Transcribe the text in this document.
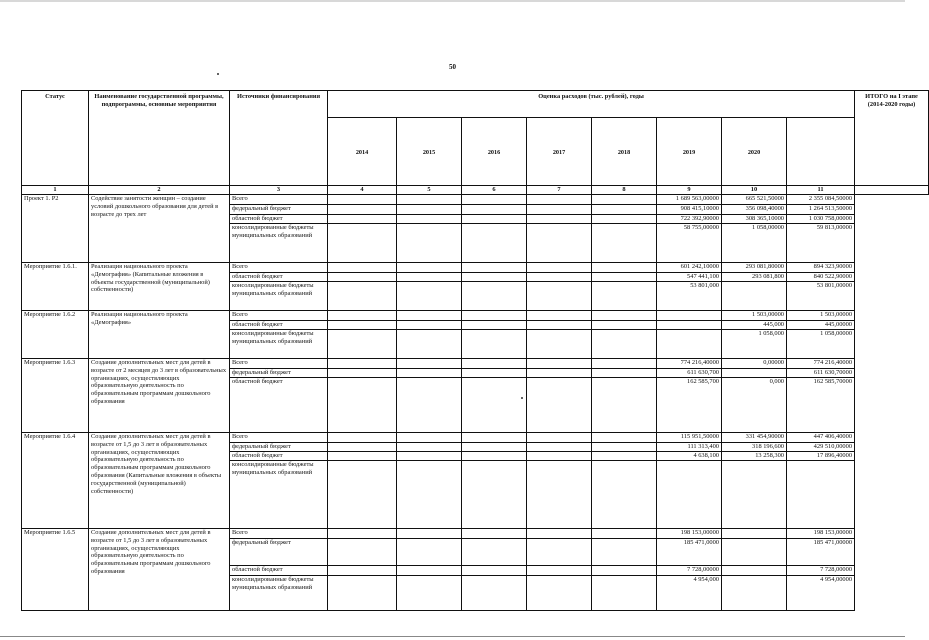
50
Статус	Наименование государственной программы, подпрограммы, основные мероприятия	Источники финансирования	Оценка расходов (тыс. рублей), годы								ИТОГО на I этапе (2014-2020 годы)
			2014	2015	2016	2017	2018	2019	2020		
1	2	3	4	5	6	7	8	9	10	11	
Проект 1. Р2	Содействие занятости женщин – создание условий дошкольного образования для детей в возрасте до трех лет	Всего						1 689 563,00000	665 521,50000	2 355 084,50000	
		федеральный бюджет						908 415,10000	356 098,40000	1 264 513,50000	
		областной бюджет						722 392,90000	308 365,10000	1 030 758,00000	
		консолидированные бюджеты муниципальных образований						58 755,00000	1 058,00000	59 813,00000	
Мероприятие 1.6.1.	Реализация национального проекта «Демография» (Капитальные вложения в объекты государственной (муниципальной) собственности)	Всего						601 242,10000	293 081,80000	894 323,90000	
		областной бюджет						547 441,100	293 081,800	840 522,90000	
		консолидированные бюджеты муниципальных образований						53 801,000		53 801,00000	
Мероприятие 1.6.2	Реализация национального проекта «Демография»	Всего							1 503,00000	1 503,00000	
		областной бюджет							445,000	445,00000	
		консолидированные бюджеты муниципальных образований							1 058,000	1 058,00000	
Мероприятие 1.6.3	Создание дополнительных мест для детей в возрасте от 2 месяцев до 3 лет в образовательных организациях, осуществляющих образовательную деятельность по образовательным программам дошкольного образования	Всего						774 216,40000	0,00000	774 216,40000	
		федеральный бюджет						611 630,700		611 630,70000	
		областной бюджет						162 585,700	0,000	162 585,70000	
Мероприятие 1.6.4	Создание дополнительных мест для детей в возрасте от 1,5 до 3 лет в образовательных организациях, осуществляющих образовательную деятельность по образовательным программам дошкольного образования (Капитальные вложения в объекты государственной (муниципальной) собственности)	Всего						115 951,50000	331 454,90000	447 406,40000	
		федеральный бюджет						111 313,400	318 196,600	429 510,00000	
		областной бюджет						4 638,100	13 258,300	17 896,40000	
		консолидированные бюджеты муниципальных образований									
Мероприятие 1.6.5	Создание дополнительных мест для детей в возрасте от 1,5 до 3 лет в образовательных организациях, осуществляющих образовательную деятельность по образовательным программам дошкольного образования	Всего						198 153,00000		198 153,00000	
		федеральный бюджет						185 471,0000		185 471,00000	
		областной бюджет						7 728,00000		7 728,00000	
		консолидированные бюджеты муниципальных образований						4 954,000		4 954,00000	
